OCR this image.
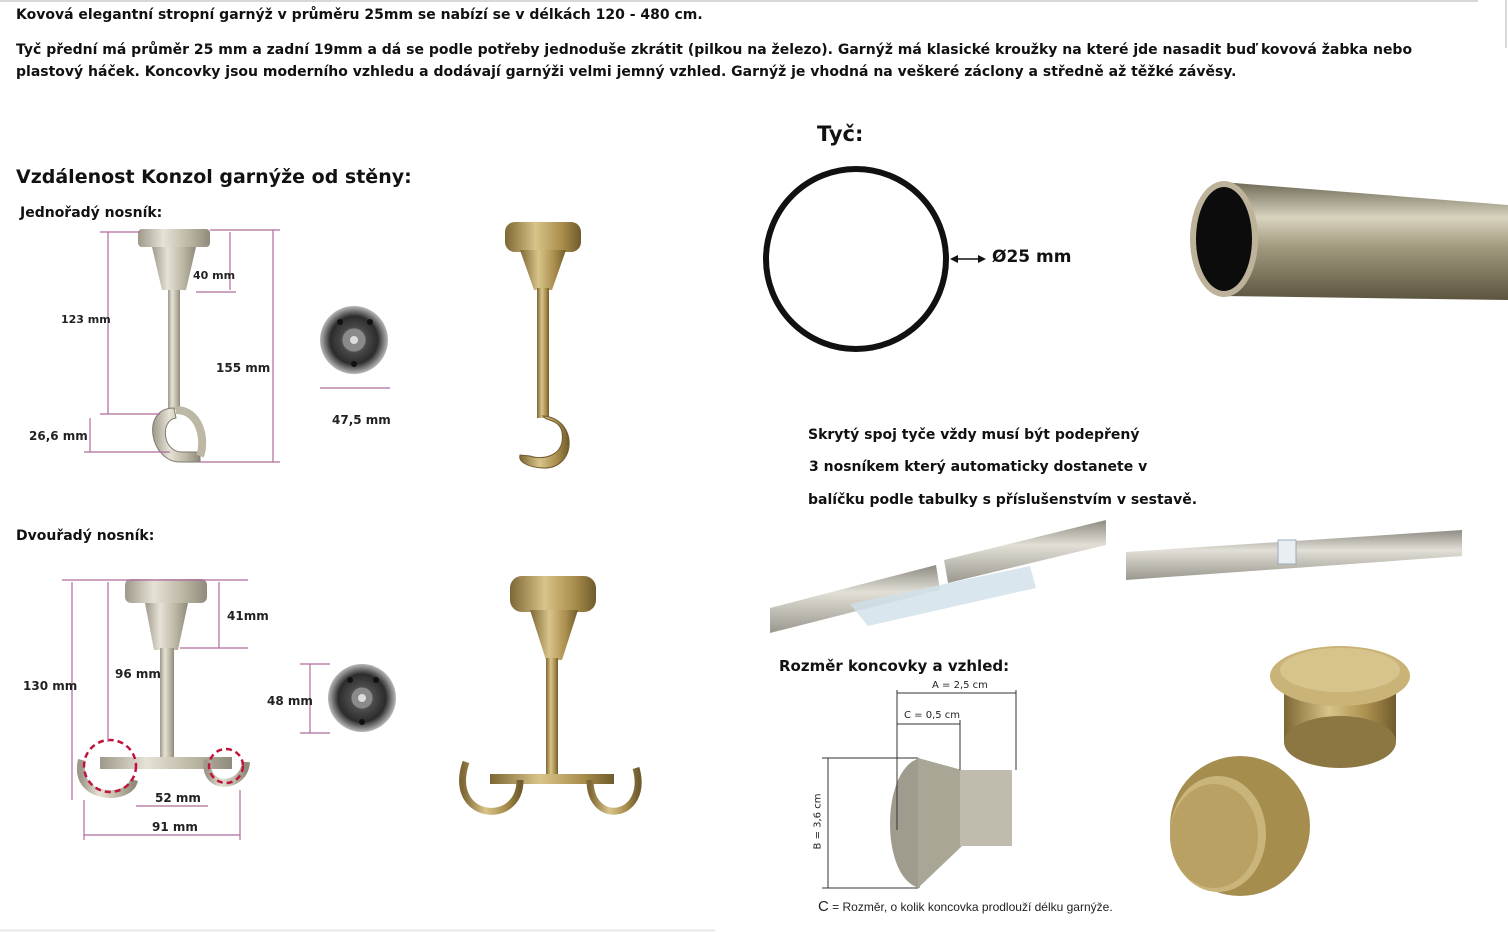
Kovová elegantní stropní garnýž v průměru 25mm se nabízí se v délkách 120 - 480 cm.
Tyč přední má průměr 25 mm a zadní 19mm a dá se podle potřeby jednoduše zkrátit (pilkou na železo). Garnýž má klasické kroužky na které jde nasadit buď kovová žabka nebo plastový háček. Koncovky jsou moderního vzhledu a dodávají garnýži velmi jemný vzhled. Garnýž je vhodná na veškeré záclony a středně až těžké závěsy.
Vzdálenost Konzol garnýže od stěny:
Jednořadý nosník:
Dvouřadý nosník:
40 mm
123 mm
155 mm
26,6 mm
47,5 mm
41mm
130 mm
96 mm
48 mm
52 mm
91 mm
Tyč:
Ø25 mm
Skrytý spoj tyče vždy musí být podepřený
3 nosníkem který automaticky dostanete v
balíčku podle tabulky s příslušenstvím v sestavě.
Rozměr koncovky a vzhled:
A = 2,5 cm
C = 0,5 cm
B = 3,6 cm
C = Rozměr, o kolik koncovka prodlouží délku garnýže.
